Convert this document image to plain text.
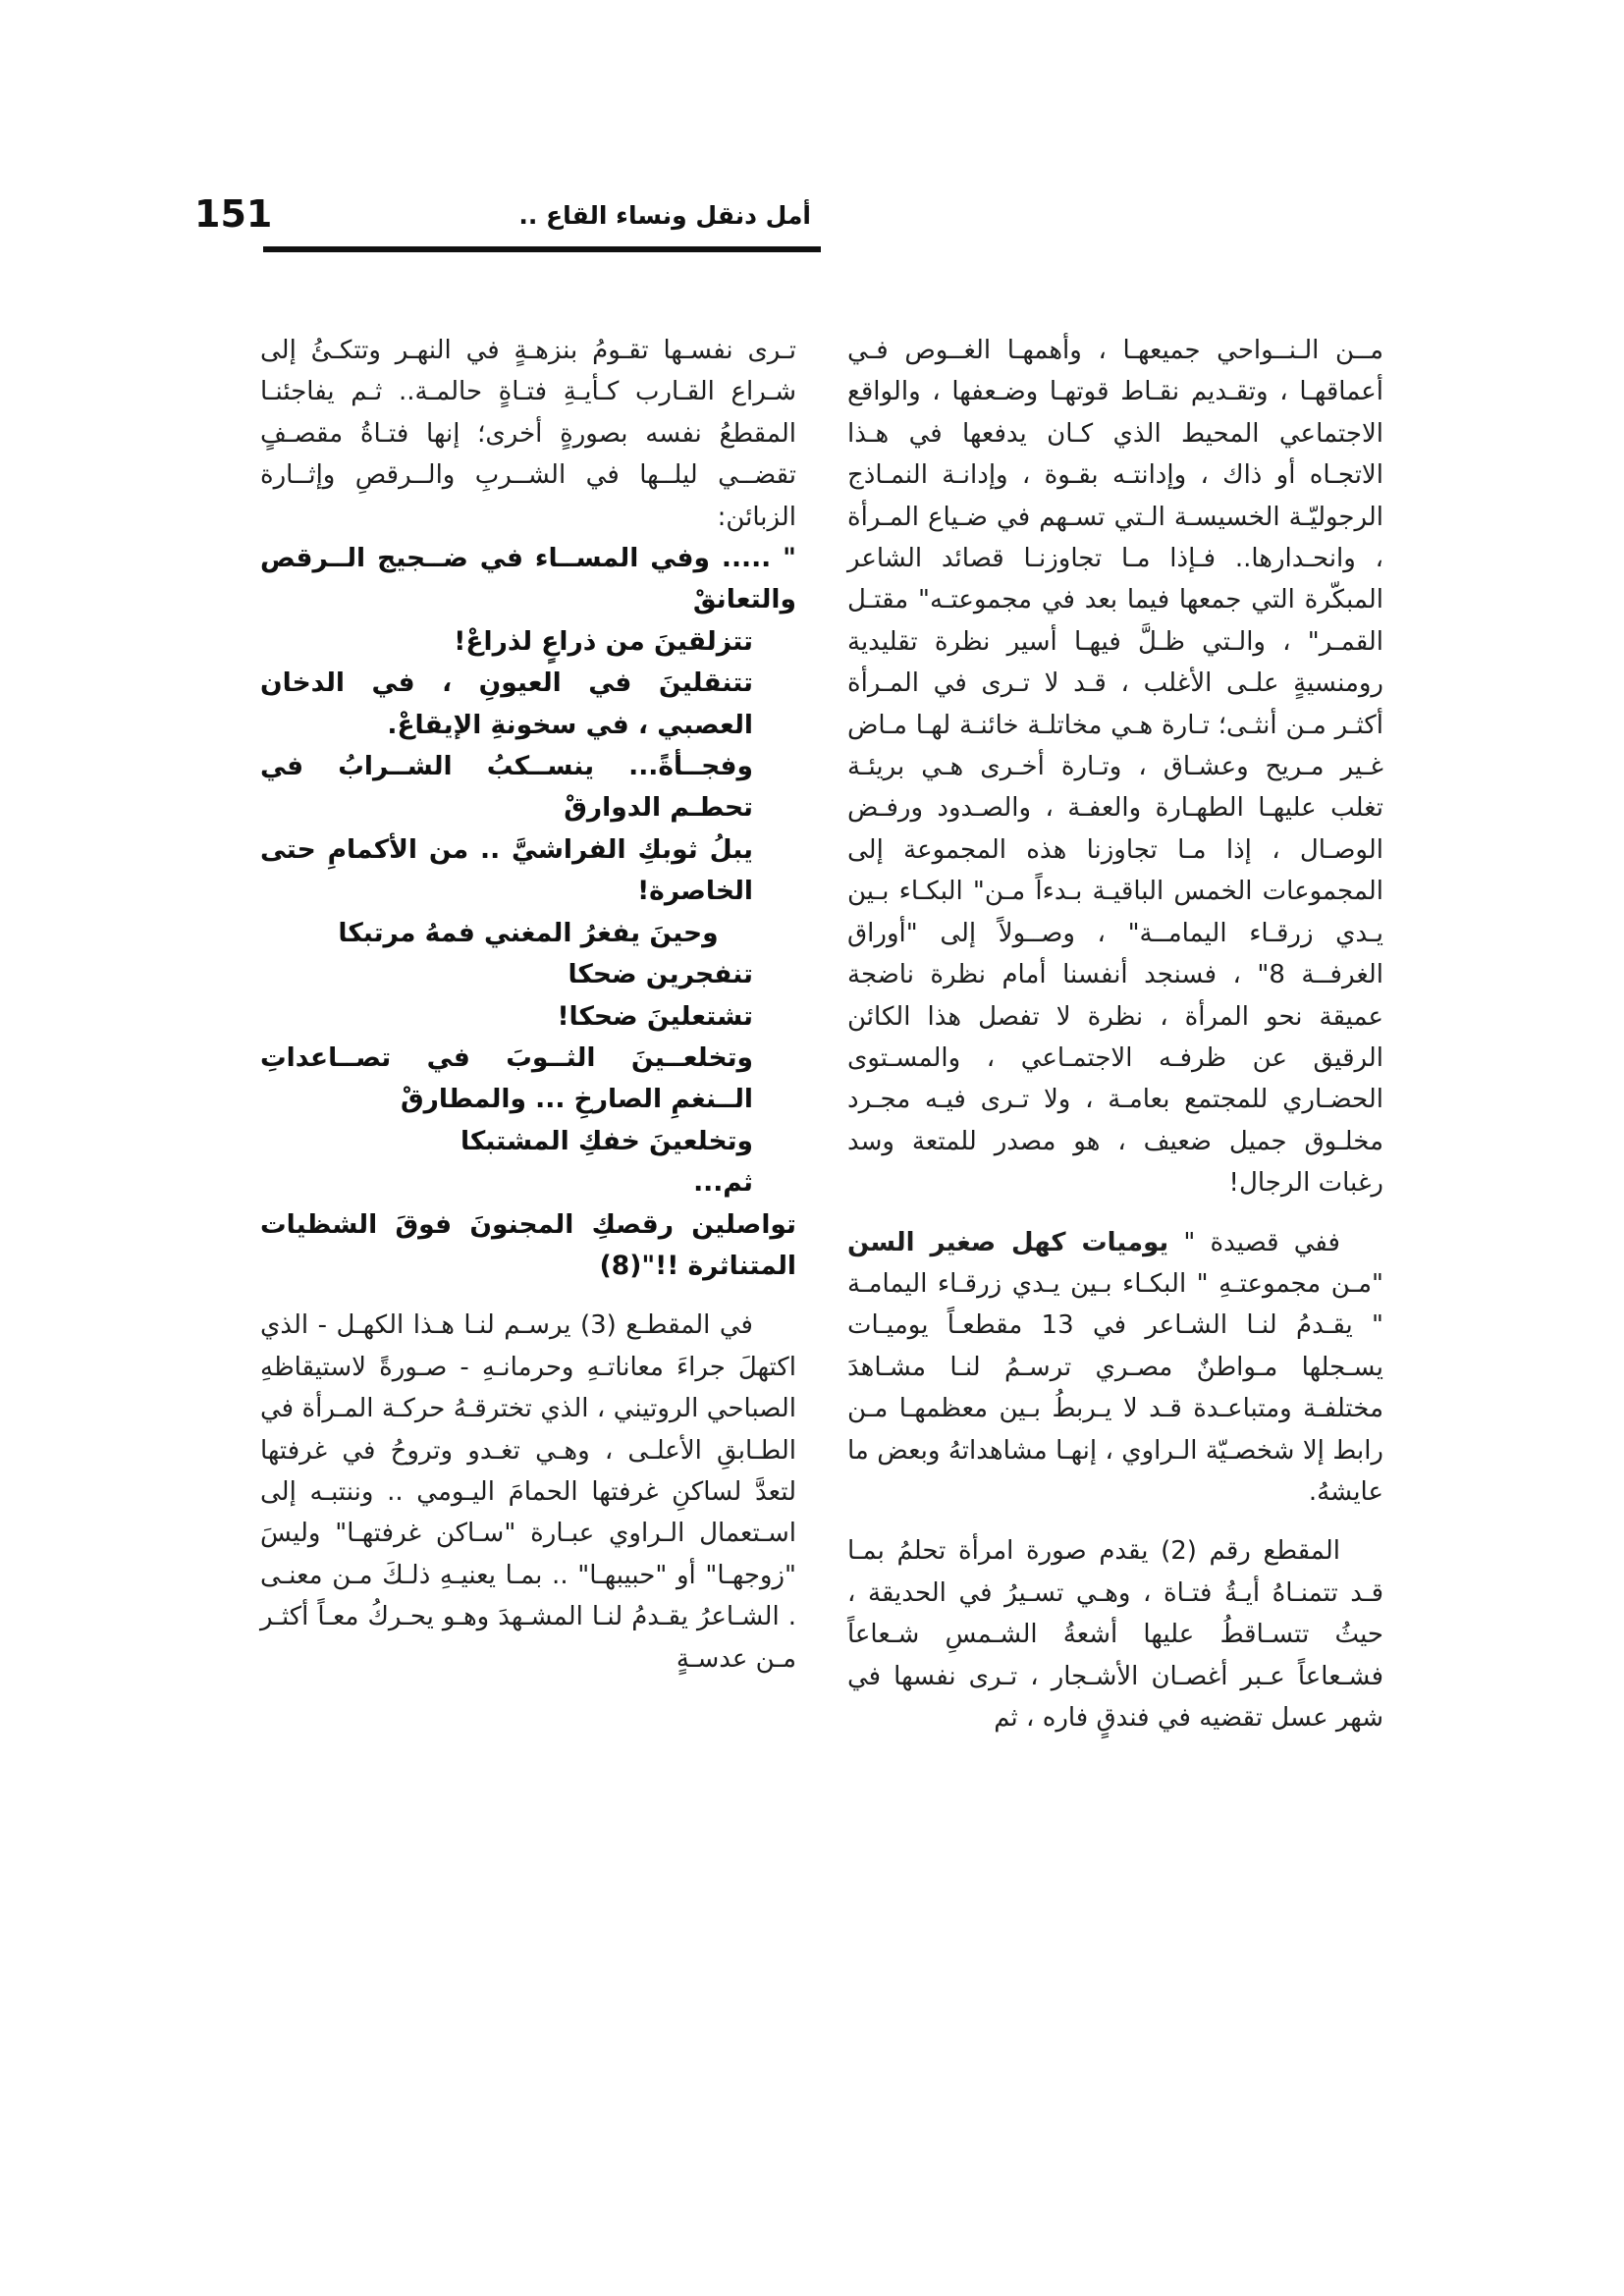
151	أمل دنقل ونساء القاع ..

مــن الـنــواحي جميعهـا ، وأهمهـا الغــوص فـي أعماقهـا ، وتقـديم نقـاط قوتهـا وضـعفها ، والواقع الاجتماعي المحيط الذي كـان يدفعها في هـذا الاتجـاه أو ذاك ، وإدانتـه بقـوة ، وإدانـة النمـاذج الرجوليّـة الخسيسـة الـتي تسـهم في ضـياع المـرأة ، وانحـدارها.. فـإذا مـا تجاوزنـا قصائد الشاعر المبكّرة التي جمعها فيما بعد في مجموعتـه" مقتـل القمـر" ، والـتي ظـلَّ فيهـا أسير نظرة تقليدية رومنسيةٍ علـى الأغلب ، قـد لا تـرى في المـرأة أكثـر مـن أنثـى؛ تـارة هـي مخاتلـة خائنـة لهـا مـاض غـير مـريح وعشـاق ، وتـارة أخـرى هـي بريئـة تغلب عليهـا الطهـارة والعفـة ، والصـدود ورفـض الوصـال ، إذا مـا تجاوزنا هذه المجموعة إلى المجموعات الخمس الباقيـة بـدءاً مـن" البكـاء بـين يـدي زرقـاء اليمامــة" ، وصــولاً إلى "أوراق الغرفــة 8" ، فسنجد أنفسنا أمام نظرة ناضجة عميقة نحو المرأة ، نظرة لا تفصل هذا الكائن الرقيق عن ظرفـه الاجتمـاعي ، والمسـتوى الحضـاري للمجتمع بعامـة ، ولا تـرى فيـه مجـرد مخلـوق جميل ضعيف ، هو مصدر للمتعة وسد رغبات الرجال!

ففي قصيدة " يوميات كهل صغير السن "مـن مجموعتـهِ " البكـاء بـين يـدي زرقـاء اليمامـة " يقـدمُ لنـا الشـاعر في 13 مقطعـاً يوميـات يسـجلها مـواطنٌ مصـري ترسـمُ لنـا مشـاهدَ مختلفـة ومتباعـدة قـد لا يـربطُ بـين معظمهـا مـن رابط إلا شخصـيّة الـراوي ، إنهـا مشاهداتهُ وبعض ما عايشهُ.

المقطع رقم (2) يقدم صورة امرأة تحلمُ بمـا قـد تتمنـاهُ أيـةُ فتـاة ، وهـي تسـيرُ في الحديقة ، حيثُ تتسـاقطُ عليها أشعةُ الشـمسِ شـعاعاً فشـعاعاً عـبر أغصـان الأشـجار ، تـرى نفسها في شهر عسل تقضيه في فندقٍ فاره ، ثم

تـرى نفسـها تقـومُ بنزهـةٍ في النهـر وتتكـئُ إلى شـراع القـارب كـأيـةِ فتـاةٍ حالمـة.. ثـم يفاجئنـا المقطعُ نفسه بصورةٍ أخرى؛ إنها فتـاةُ مقصـفٍ تقضــي ليلــها في الشــربِ والــرقصِ وإثــارة الزبائن:

" ..... وفي المســاء في ضــجيج الــرقص والتعانقْ

تتزلقينَ من ذراعٍ لذراعْ!

تتنقلينَ في العيونِ ، في الدخان العصبي ، في سخونةِ الإيقاعْ.

وفجــأةً... ينســكبُ الشــرابُ في تحطـم الدوارقْ

يبلُ ثوبكِ الفراشيَّ .. من الأكمامِ حتى الخاصرة!

وحينَ يفغرُ المغني فمهُ مرتبكا

تنفجرين ضحكا

تشتعلينَ ضحكا!

وتخلعــينَ الثــوبَ في تصــاعداتِ الــنغمِ الصارخِ ... والمطارقْ

وتخلعينَ خفكِ المشتبكا

ثم...

تواصلين رقصكِ المجنونَ فوقَ الشظيات المتناثرة !!"(8)

في المقطـع (3) يرسـم لنـا هـذا الكهـل - الذي اكتهلَ جراءَ معاناتـهِ وحرمانـهِ - صـورةً لاستيقاظهِ الصباحي الروتيني ، الذي تخترقـهُ حركـة المـرأة في الطـابقِ الأعلـى ، وهـي تغـدو وتروحُ في غرفتها لتعدَّ لساكنِ غرفتها الحمامَ اليـومي .. وننتبـه إلى اسـتعمال الـراوي عبـارة "سـاكن غرفتهـا" وليسَ "زوجهـا" أو "حبيبهـا" .. بمـا يعنيـهِ ذلـكَ مـن معنـى . الشـاعرُ يقـدمُ لنـا المشـهدَ وهـو يحـركُ معـاً أكثـر مـن عدسـةٍ
